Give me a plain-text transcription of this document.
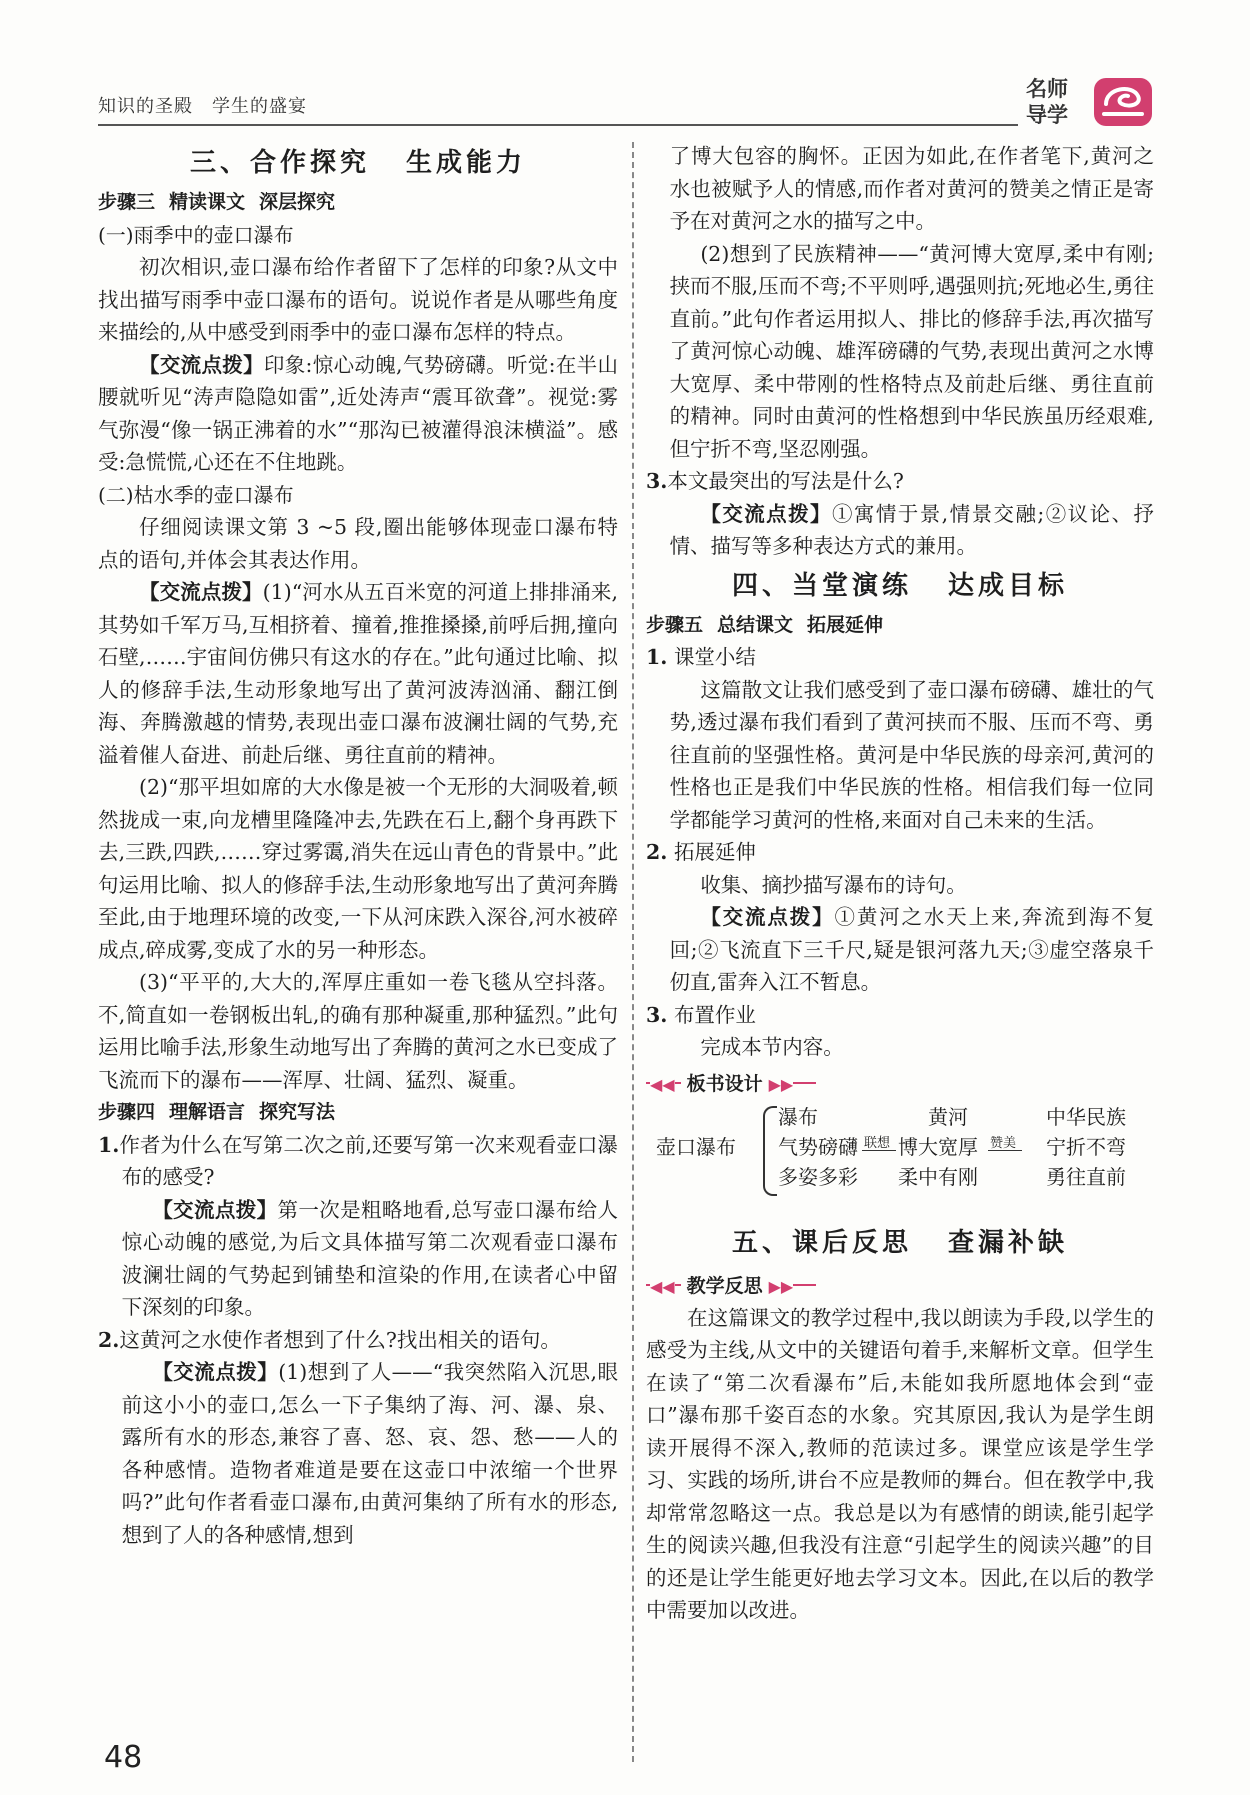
知识的圣殿　学生的盛宴
名师
导学
三、合作探究 生成能力

步骤三 精读课文 深层探究

(一)雨季中的壶口瀑布

初次相识,壶口瀑布给作者留下了怎样的印象?从文中找出描写雨季中壶口瀑布的语句。说说作者是从哪些角度来描绘的,从中感受到雨季中的壶口瀑布怎样的特点。

【交流点拨】印象:惊心动魄,气势磅礴。听觉:在半山腰就听见“涛声隐隐如雷”,近处涛声“震耳欲聋”。视觉:雾气弥漫“像一锅正沸着的水”“那沟已被灌得浪沫横溢”。感受:急慌慌,心还在不住地跳。

(二)枯水季的壶口瀑布

仔细阅读课文第 3 ~5 段,圈出能够体现壶口瀑布特点的语句,并体会其表达作用。

【交流点拨】(1)“河水从五百米宽的河道上排排涌来,其势如千军万马,互相挤着、撞着,推推搡搡,前呼后拥,撞向石壁,……宇宙间仿佛只有这水的存在。”此句通过比喻、拟人的修辞手法,生动形象地写出了黄河波涛汹涌、翻江倒海、奔腾激越的情势,表现出壶口瀑布波澜壮阔的气势,充溢着催人奋进、前赴后继、勇往直前的精神。

(2)“那平坦如席的大水像是被一个无形的大洞吸着,顿然拢成一束,向龙槽里隆隆冲去,先跌在石上,翻个身再跌下去,三跌,四跌,……穿过雾霭,消失在远山青色的背景中。”此句运用比喻、拟人的修辞手法,生动形象地写出了黄河奔腾至此,由于地理环境的改变,一下从河床跌入深谷,河水被碎成点,碎成雾,变成了水的另一种形态。

(3)“平平的,大大的,浑厚庄重如一卷飞毯从空抖落。不,简直如一卷钢板出轧,的确有那种凝重,那种猛烈。”此句运用比喻手法,形象生动地写出了奔腾的黄河之水已变成了飞流而下的瀑布——浑厚、壮阔、猛烈、凝重。

步骤四 理解语言 探究写法

1.作者为什么在写第二次之前,还要写第一次来观看壶口瀑布的感受?

【交流点拨】第一次是粗略地看,总写壶口瀑布给人惊心动魄的感觉,为后文具体描写第二次观看壶口瀑布波澜壮阔的气势起到铺垫和渲染的作用,在读者心中留下深刻的印象。

2.这黄河之水使作者想到了什么?找出相关的语句。

【交流点拨】(1)想到了人——“我突然陷入沉思,眼前这小小的壶口,怎么一下子集纳了海、河、瀑、泉、露所有水的形态,兼容了喜、怒、哀、怨、愁——人的各种感情。造物者难道是要在这壶口中浓缩一个世界吗?”此句作者看壶口瀑布,由黄河集纳了所有水的形态,想到了人的各种感情,想到

了博大包容的胸怀。正因为如此,在作者笔下,黄河之水也被赋予人的情感,而作者对黄河的赞美之情正是寄予在对黄河之水的描写之中。

(2)想到了民族精神——“黄河博大宽厚,柔中有刚;挟而不服,压而不弯;不平则呼,遇强则抗;死地必生,勇往直前。”此句作者运用拟人、排比的修辞手法,再次描写了黄河惊心动魄、雄浑磅礴的气势,表现出黄河之水博大宽厚、柔中带刚的性格特点及前赴后继、勇往直前的精神。同时由黄河的性格想到中华民族虽历经艰难,但宁折不弯,坚忍刚强。

3.本文最突出的写法是什么?

【交流点拨】①寓情于景,情景交融;②议论、抒情、描写等多种表达方式的兼用。

四、当堂演练 达成目标

步骤五 总结课文 拓展延伸

1. 课堂小结

这篇散文让我们感受到了壶口瀑布磅礴、雄壮的气势,透过瀑布我们看到了黄河挟而不服、压而不弯、勇往直前的坚强性格。黄河是中华民族的母亲河,黄河的性格也正是我们中华民族的性格。相信我们每一位同学都能学习黄河的性格,来面对自己未来的生活。

2. 拓展延伸

收集、摘抄描写瀑布的诗句。

【交流点拨】①黄河之水天上来,奔流到海不复回;②飞流直下三千尺,疑是银河落九天;③虚空落泉千仞直,雷奔入江不暂息。

3. 布置作业

完成本节内容。

◀◀ 板书设计 ▶▶
壶口瀑布
瀑布
气势磅礴
多姿多彩
联想
黄河
博大宽厚
柔中有刚
赞美
中华民族
宁折不弯
勇往直前
五、课后反思 查漏补缺
◀◀ 教学反思 ▶▶

在这篇课文的教学过程中,我以朗读为手段,以学生的感受为主线,从文中的关键语句着手,来解析文章。但学生在读了“第二次看瀑布”后,未能如我所愿地体会到“壶口”瀑布那千姿百态的水象。究其原因,我认为是学生朗读开展得不深入,教师的范读过多。课堂应该是学生学习、实践的场所,讲台不应是教师的舞台。但在教学中,我却常常忽略这一点。我总是以为有感情的朗读,能引起学生的阅读兴趣,但我没有注意“引起学生的阅读兴趣”的目的还是让学生能更好地去学习文本。因此,在以后的教学中需要加以改进。

48
